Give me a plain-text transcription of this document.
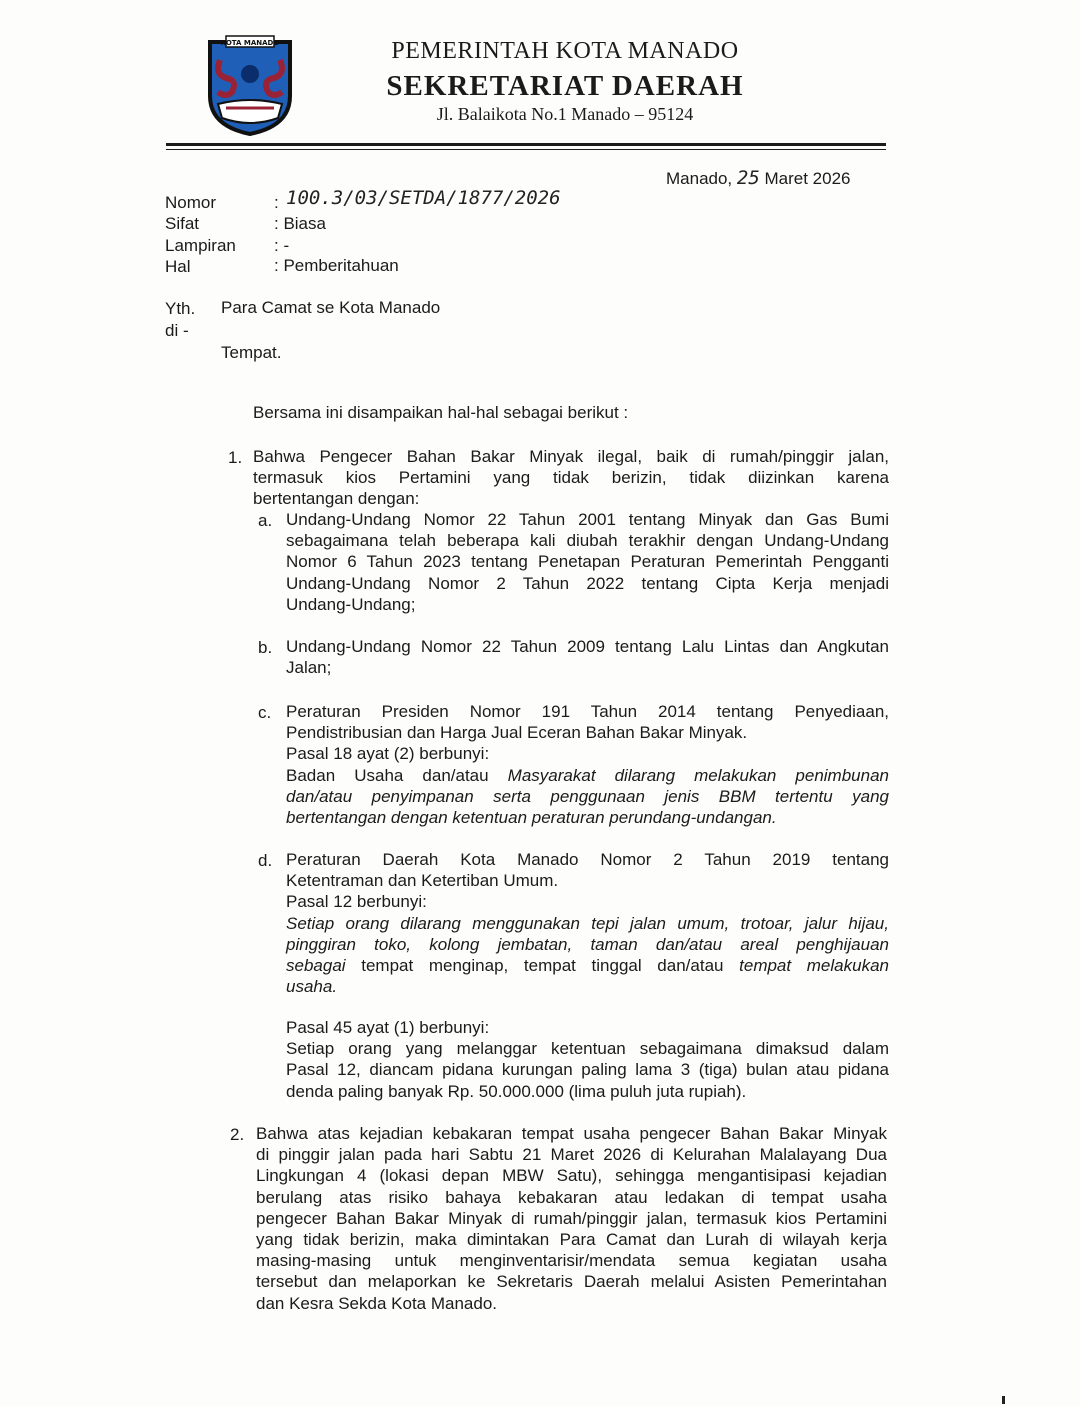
KOTA MANADO	PEMERINTAH KOTA MANADO
SEKRETARIAT DAERAH
Jl. Balaikota No.1 Manado – 95124
Manado, 25 Maret 2026
Nomor	: 100.3/03/SETDA/1877/2026
Sifat	: Biasa
Lampiran : -
Hal	: Pemberitahuan
Yth. Para Camat se Kota Manado
di -
Tempat.
Bersama ini disampaikan hal-hal sebagai berikut :
1. Bahwa Pengecer Bahan Bakar Minyak ilegal, baik di rumah/pinggir jalan,
termasuk kios Pertamini yang tidak berizin, tidak diizinkan karena
bertentangan dengan:
a. Undang-Undang Nomor 22 Tahun 2001 tentang Minyak dan Gas Bumi
sebagaimana telah beberapa kali diubah terakhir dengan Undang-Undang
Nomor 6 Tahun 2023 tentang Penetapan Peraturan Pemerintah Pengganti
Undang-Undang Nomor 2 Tahun 2022 tentang Cipta Kerja menjadi
Undang-Undang;
b. Undang-Undang Nomor 22 Tahun 2009 tentang Lalu Lintas dan Angkutan
Jalan;
c. Peraturan Presiden Nomor 191 Tahun 2014 tentang Penyediaan,
Pendistribusian dan Harga Jual Eceran Bahan Bakar Minyak.
Pasal 18 ayat (2) berbunyi:
Badan Usaha dan/atau Masyarakat dilarang melakukan penimbunan
dan/atau penyimpanan serta penggunaan jenis BBM tertentu yang
bertentangan dengan ketentuan peraturan perundang-undangan.
d. Peraturan Daerah Kota Manado Nomor 2 Tahun 2019 tentang
Ketentraman dan Ketertiban Umum.
Pasal 12 berbunyi:
Setiap orang dilarang menggunakan tepi jalan umum, trotoar, jalur hijau,
pinggiran toko, kolong jembatan, taman dan/atau areal penghijauan
sebagai tempat menginap, tempat tinggal dan/atau tempat melakukan
usaha.
Pasal 45 ayat (1) berbunyi:
Setiap orang yang melanggar ketentuan sebagaimana dimaksud dalam
Pasal 12, diancam pidana kurungan paling lama 3 (tiga) bulan atau pidana
denda paling banyak Rp. 50.000.000 (lima puluh juta rupiah).
2. Bahwa atas kejadian kebakaran tempat usaha pengecer Bahan Bakar Minyak
di pinggir jalan pada hari Sabtu 21 Maret 2026 di Kelurahan Malalayang Dua
Lingkungan 4 (lokasi depan MBW Satu), sehingga mengantisipasi kejadian
berulang atas risiko bahaya kebakaran atau ledakan di tempat usaha
pengecer Bahan Bakar Minyak di rumah/pinggir jalan, termasuk kios Pertamini
yang tidak berizin, maka dimintakan Para Camat dan Lurah di wilayah kerja
masing-masing untuk menginventarisir/mendata semua kegiatan usaha
tersebut dan melaporkan ke Sekretaris Daerah melalui Asisten Pemerintahan
dan Kesra Sekda Kota Manado.
